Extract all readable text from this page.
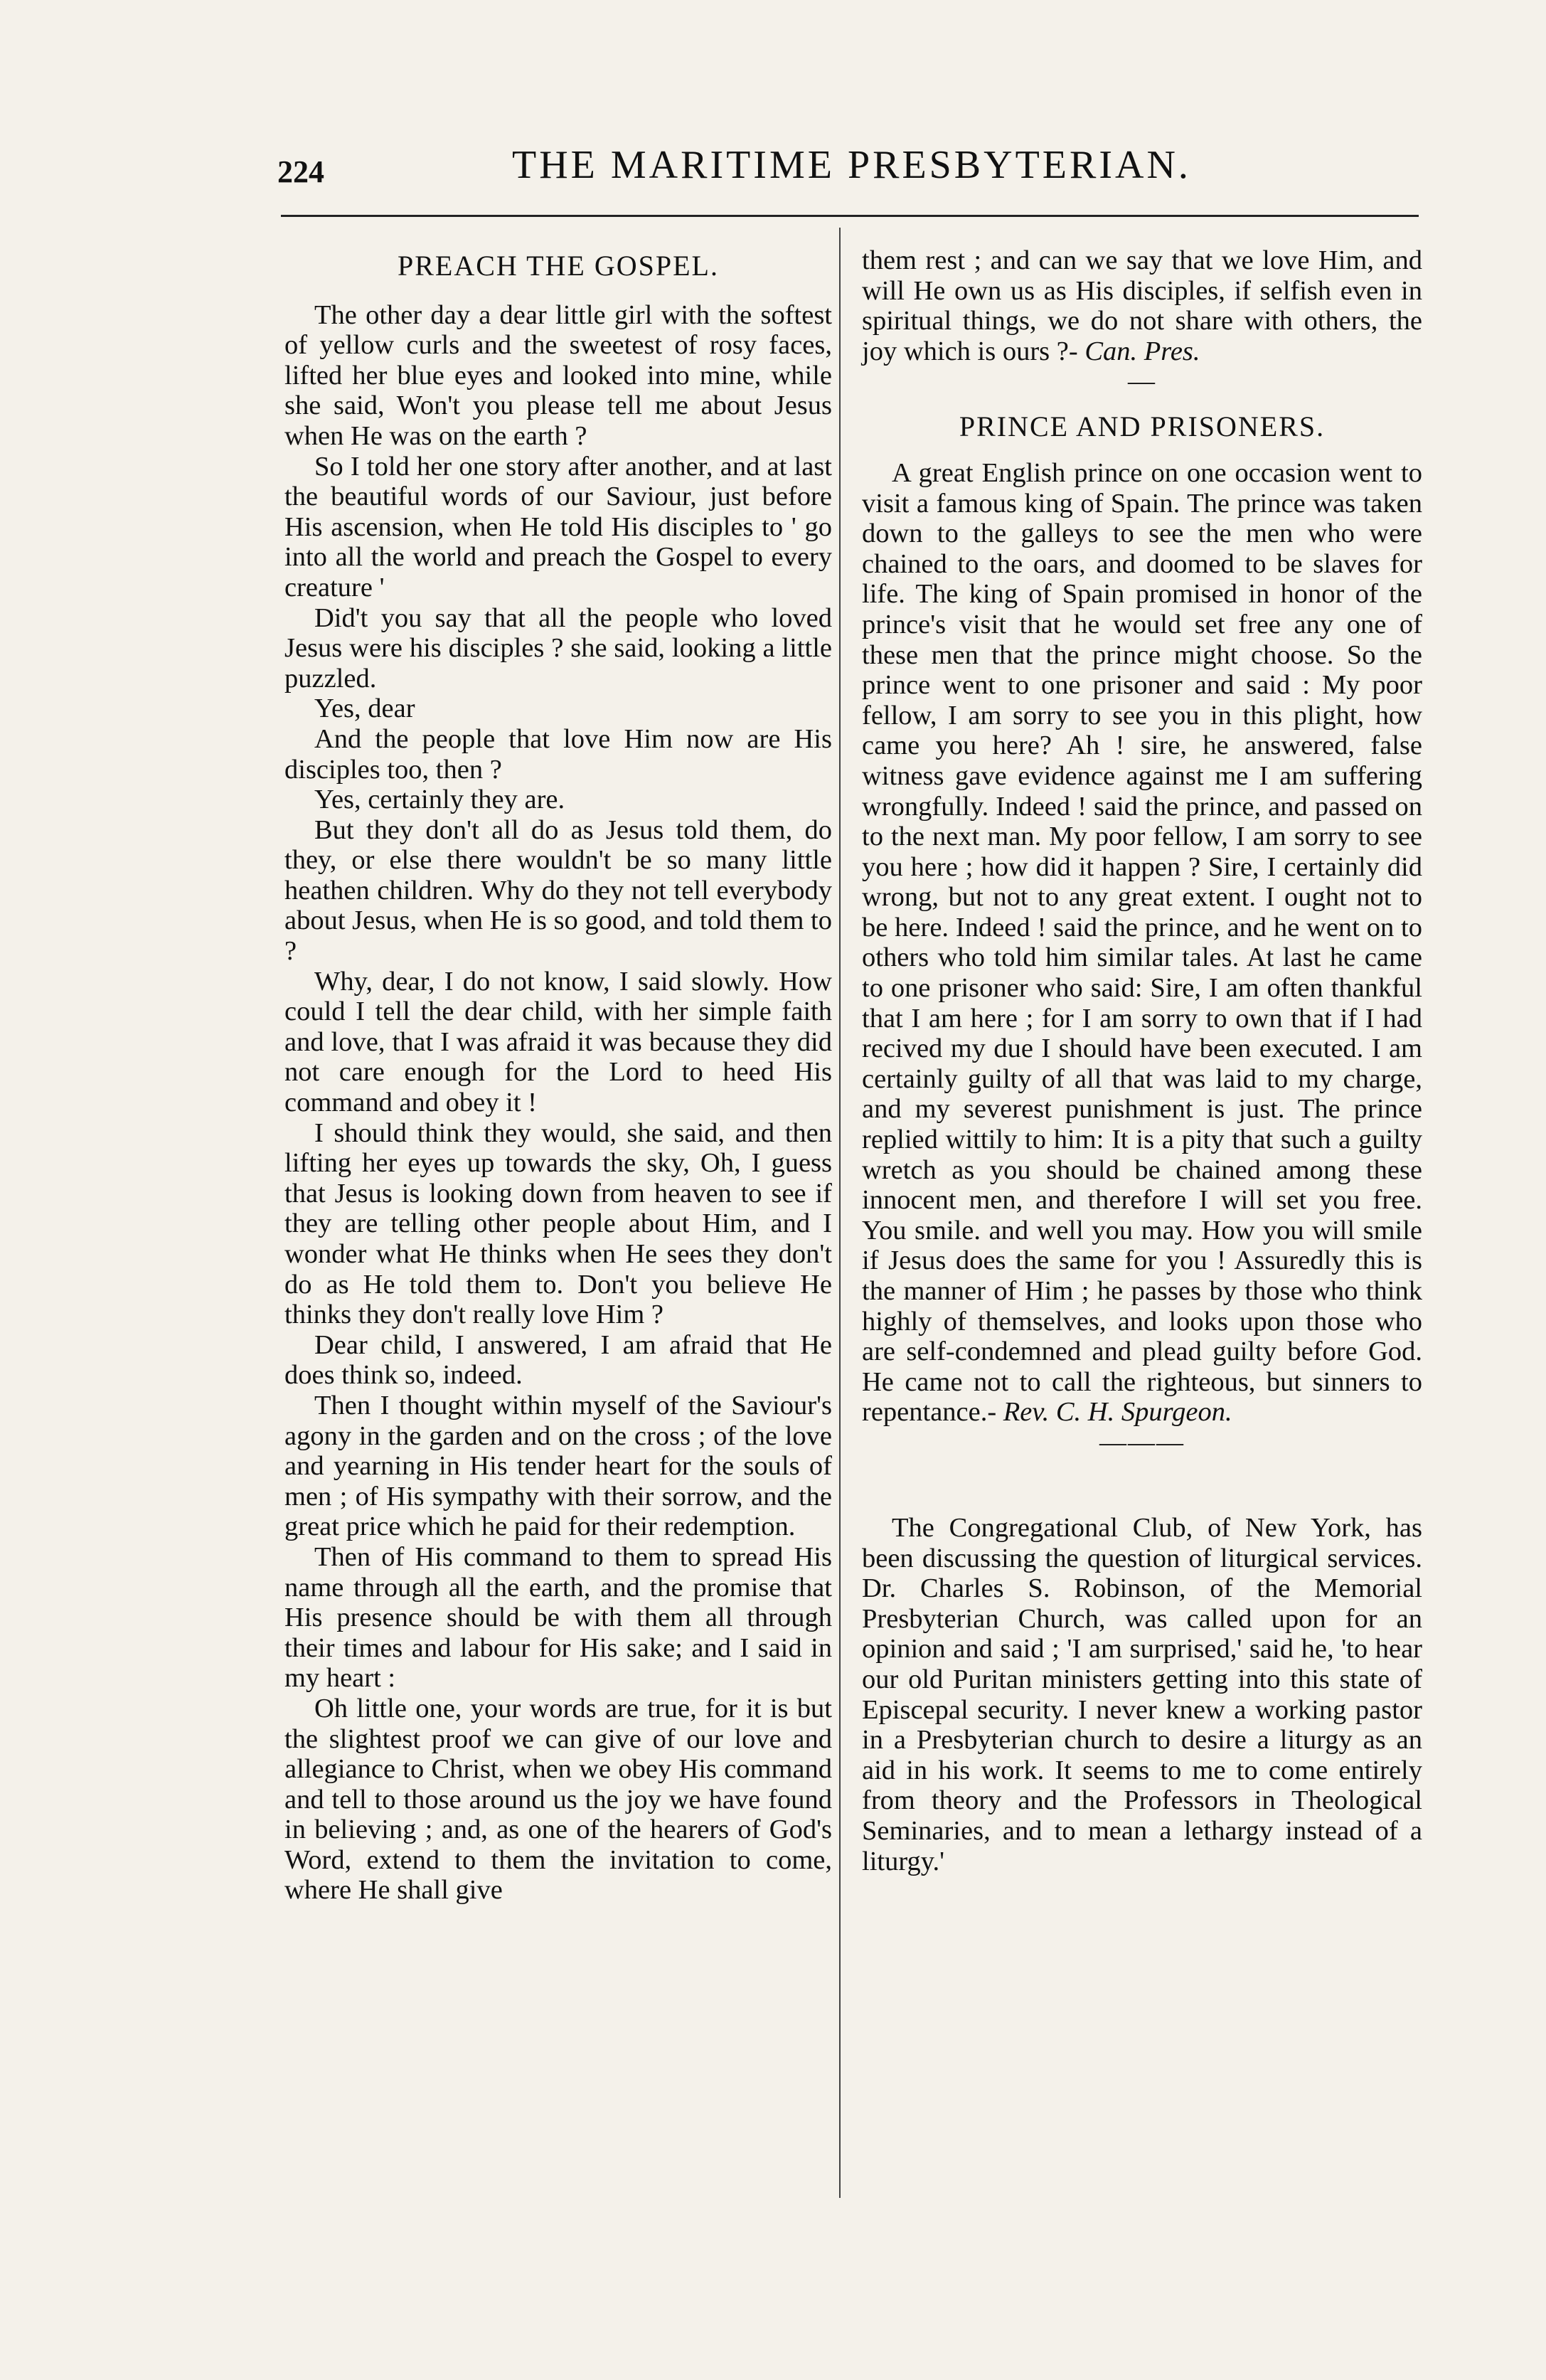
224	THE MARITIME PRESBYTERIAN.
PREACH THE GOSPEL.

The other day a dear little girl with the softest of yellow curls and the sweetest of rosy faces, lifted her blue eyes and looked into mine, while she said, Won't you please tell me about Jesus when He was on the earth ?

So I told her one story after another, and at last the beautiful words of our Saviour, just before His ascension, when He told His disciples to ' go into all the world and preach the Gospel to every creature '

Did't you say that all the people who loved Jesus were his disciples ? she said, looking a little puzzled.

Yes, dear

And the people that love Him now are His disciples too, then ?

Yes, certainly they are.

But they don't all do as Jesus told them, do they, or else there wouldn't be so many little heathen children. Why do they not tell everybody about Jesus, when He is so good, and told them to ?

Why, dear, I do not know, I said slowly. How could I tell the dear child, with her simple faith and love, that I was afraid it was because they did not care enough for the Lord to heed His command and obey it !

I should think they would, she said, and then lifting her eyes up towards the sky, Oh, I guess that Jesus is looking down from heaven to see if they are telling other people about Him, and I wonder what He thinks when He sees they don't do as He told them to. Don't you believe He thinks they don't really love Him ?

Dear child, I answered, I am afraid that He does think so, indeed.

Then I thought within myself of the Saviour's agony in the garden and on the cross ; of the love and yearning in His tender heart for the souls of men ; of His sympathy with their sorrow, and the great price which he paid for their redemption.

Then of His command to them to spread His name through all the earth, and the promise that His presence should be with them all through their times and labour for His sake; and I said in my heart :

Oh little one, your words are true, for it is but the slightest proof we can give of our love and allegiance to Christ, when we obey His command and tell to those around us the joy we have found in believing ; and, as one of the hearers of God's Word, extend to them the invitation to come, where He shall give

them rest ; and can we say that we love Him, and will He own us as His disciples, if selfish even in spiritual things, we do not share with others, the joy which is ours ?- Can. Pres.

—
PRINCE AND PRISONERS.

A great English prince on one occasion went to visit a famous king of Spain. The prince was taken down to the galleys to see the men who were chained to the oars, and doomed to be slaves for life. The king of Spain promised in honor of the prince's visit that he would set free any one of these men that the prince might choose. So the prince went to one prisoner and said : My poor fellow, I am sorry to see you in this plight, how came you here? Ah ! sire, he answered, false witness gave evidence against me I am suffering wrongfully. Indeed ! said the prince, and passed on to the next man. My poor fellow, I am sorry to see you here ; how did it happen ? Sire, I certainly did wrong, but not to any great extent. I ought not to be here. Indeed ! said the prince, and he went on to others who told him similar tales. At last he came to one prisoner who said: Sire, I am often thankful that I am here ; for I am sorry to own that if I had recived my due I should have been executed. I am certainly guilty of all that was laid to my charge, and my severest punishment is just. The prince replied wittily to him: It is a pity that such a guilty wretch as you should be chained among these innocent men, and therefore I will set you free. You smile. and well you may. How you will smile if Jesus does the same for you ! Assuredly this is the manner of Him ; he passes by those who think highly of themselves, and looks upon those who are self-condemned and plead guilty before God. He came not to call the righteous, but sinners to repentance.- Rev. C. H. Spurgeon.

———

The Congregational Club, of New York, has been discussing the question of liturgical services. Dr. Charles S. Robinson, of the Memorial Presbyterian Church, was called upon for an opinion and said ; 'I am surprised,' said he, 'to hear our old Puritan ministers getting into this state of Episcepal security. I never knew a working pastor in a Presbyterian church to desire a liturgy as an aid in his work. It seems to me to come entirely from theory and the Professors in Theological Seminaries, and to mean a lethargy instead of a liturgy.'
